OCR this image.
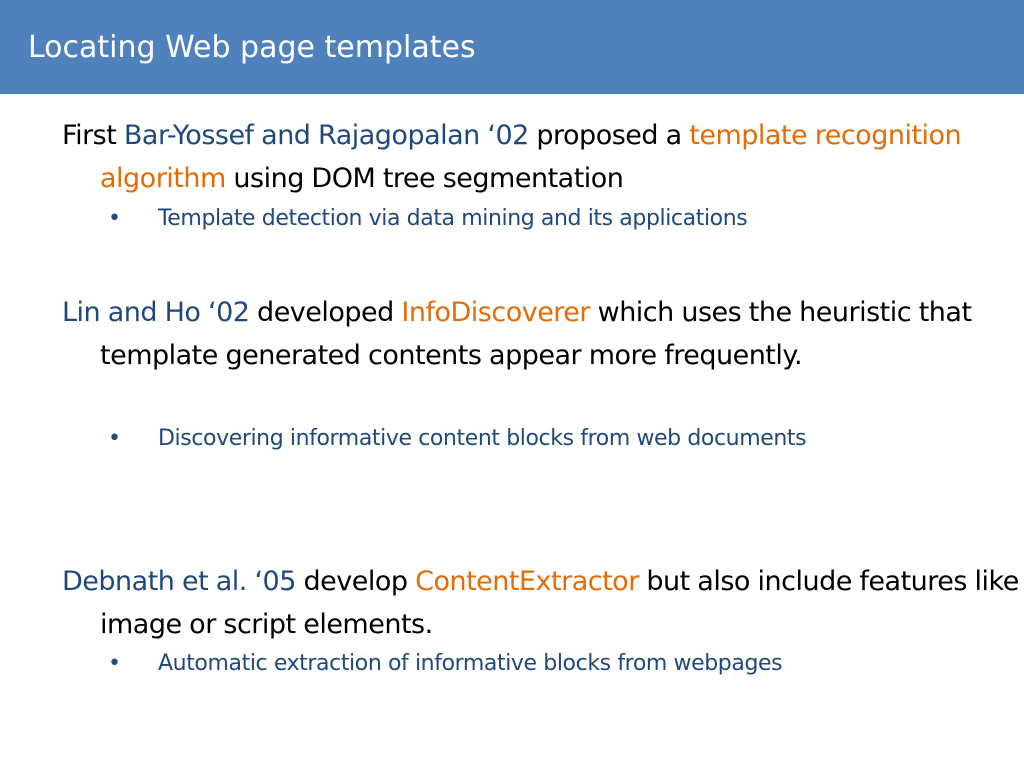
Locating Web page templates

First Bar-Yossef and Rajagopalan ‘02 proposed a template recognition algorithm using DOM tree segmentation

• Template detection via data mining and its applications

Lin and Ho ‘02 developed InfoDiscoverer which uses the heuristic that template generated contents appear more frequently.

• Discovering informative content blocks from web documents

Debnath et al. ‘05 develop ContentExtractor but also include features like image or script elements.

• Automatic extraction of informative blocks from webpages
